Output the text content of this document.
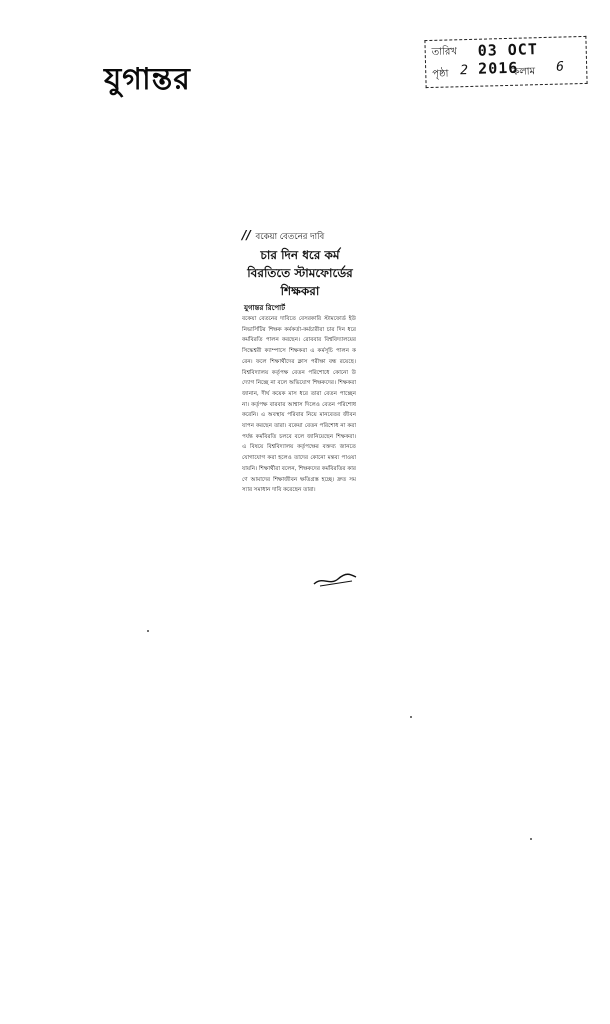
যুগান্তর
তারিখ 03 OCT 2016
পৃষ্ঠা 2	কলাম 6
// বকেয়া বেতনের দাবি
চার দিন ধরে কর্ম
বিরতিতে স্টামফোর্ডের
শিক্ষকরা
যুগান্তর রিপোর্ট
বকেয়া বেতনের দাবিতে বেসরকারি স্টামফোর্ড ইউনিভার্সিটির শিক্ষক কর্মকর্তা-কর্মচারীরা চার দিন ধরে কর্মবিরতি পালন করছেন। রোববার বিশ্ববিদ্যালয়ের সিদ্ধেশ্বরী ক্যাম্পাসে শিক্ষকরা এ কর্মসূচি পালন করেন। ফলে শিক্ষার্থীদের ক্লাস পরীক্ষা বন্ধ রয়েছে। বিশ্ববিদ্যালয় কর্তৃপক্ষ বেতন পরিশোধে কোনো উদ্যোগ নিচ্ছে না বলে অভিযোগ শিক্ষকদের। শিক্ষকরা জানান, দীর্ঘ কয়েক মাস ধরে তারা বেতন পাচ্ছেন না। কর্তৃপক্ষ বারবার আশ্বাস দিলেও বেতন পরিশোধ করেনি। এ অবস্থায় পরিবার নিয়ে মানবেতর জীবনযাপন করছেন তারা। বকেয়া বেতন পরিশোধ না করা পর্যন্ত কর্মবিরতি চলবে বলে জানিয়েছেন শিক্ষকরা। এ বিষয়ে বিশ্ববিদ্যালয় কর্তৃপক্ষের বক্তব্য জানতে যোগাযোগ করা হলেও তাদের কোনো মন্তব্য পাওয়া যায়নি। শিক্ষার্থীরা বলেন, শিক্ষকদের কর্মবিরতির কারণে আমাদের শিক্ষাজীবন ক্ষতিগ্রস্ত হচ্ছে। দ্রুত সমস্যার সমাধান দাবি করেছেন তারা।
